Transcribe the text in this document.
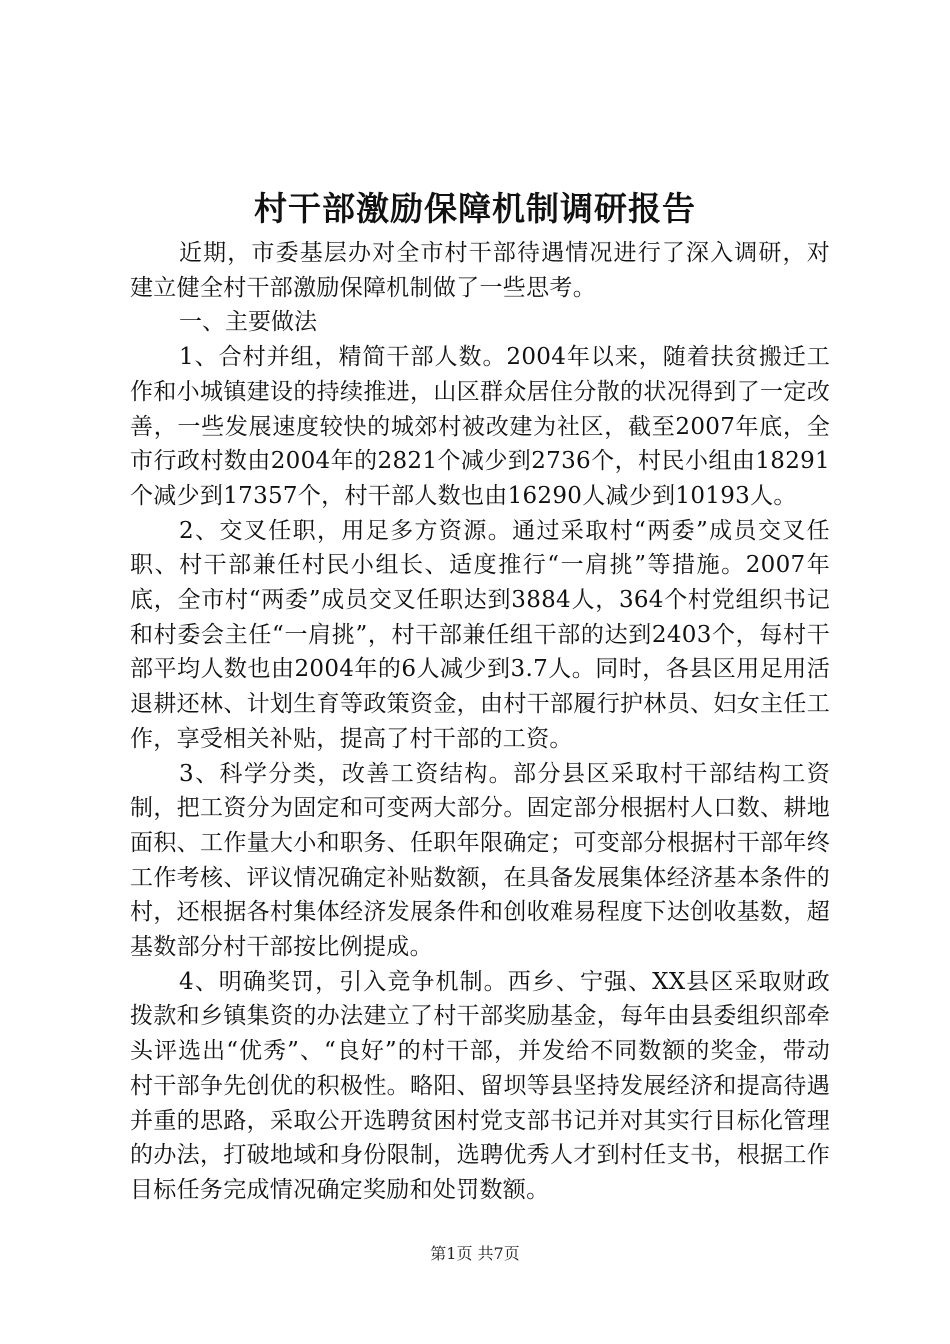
村干部激励保障机制调研报告

近期，市委基层办对全市村干部待遇情况进行了深入调研，对建立健全村干部激励保障机制做了一些思考。

一、主要做法

1、合村并组，精简干部人数。2004年以来，随着扶贫搬迁工作和小城镇建设的持续推进，山区群众居住分散的状况得到了一定改善，一些发展速度较快的城郊村被改建为社区，截至2007年底，全市行政村数由2004年的2821个减少到2736个，村民小组由18291个减少到17357个，村干部人数也由16290人减少到10193人。

2、交叉任职，用足多方资源。通过采取村“两委”成员交叉任职、村干部兼任村民小组长、适度推行“一肩挑”等措施。2007年底，全市村“两委”成员交叉任职达到3884人，364个村党组织书记和村委会主任“一肩挑”，村干部兼任组干部的达到2403个，每村干部平均人数也由2004年的6人减少到3.7人。同时，各县区用足用活退耕还林、计划生育等政策资金，由村干部履行护林员、妇女主任工作，享受相关补贴，提高了村干部的工资。

3、科学分类，改善工资结构。部分县区采取村干部结构工资制，把工资分为固定和可变两大部分。固定部分根据村人口数、耕地面积、工作量大小和职务、任职年限确定；可变部分根据村干部年终工作考核、评议情况确定补贴数额，在具备发展集体经济基本条件的村，还根据各村集体经济发展条件和创收难易程度下达创收基数，超基数部分村干部按比例提成。

4、明确奖罚，引入竞争机制。西乡、宁强、XX县区采取财政拨款和乡镇集资的办法建立了村干部奖励基金，每年由县委组织部牵头评选出“优秀”、“良好”的村干部，并发给不同数额的奖金，带动村干部争先创优的积极性。略阳、留坝等县坚持发展经济和提高待遇并重的思路，采取公开选聘贫困村党支部书记并对其实行目标化管理的办法，打破地域和身份限制，选聘优秀人才到村任支书，根据工作目标任务完成情况确定奖励和处罚数额。

第1页 共7页
